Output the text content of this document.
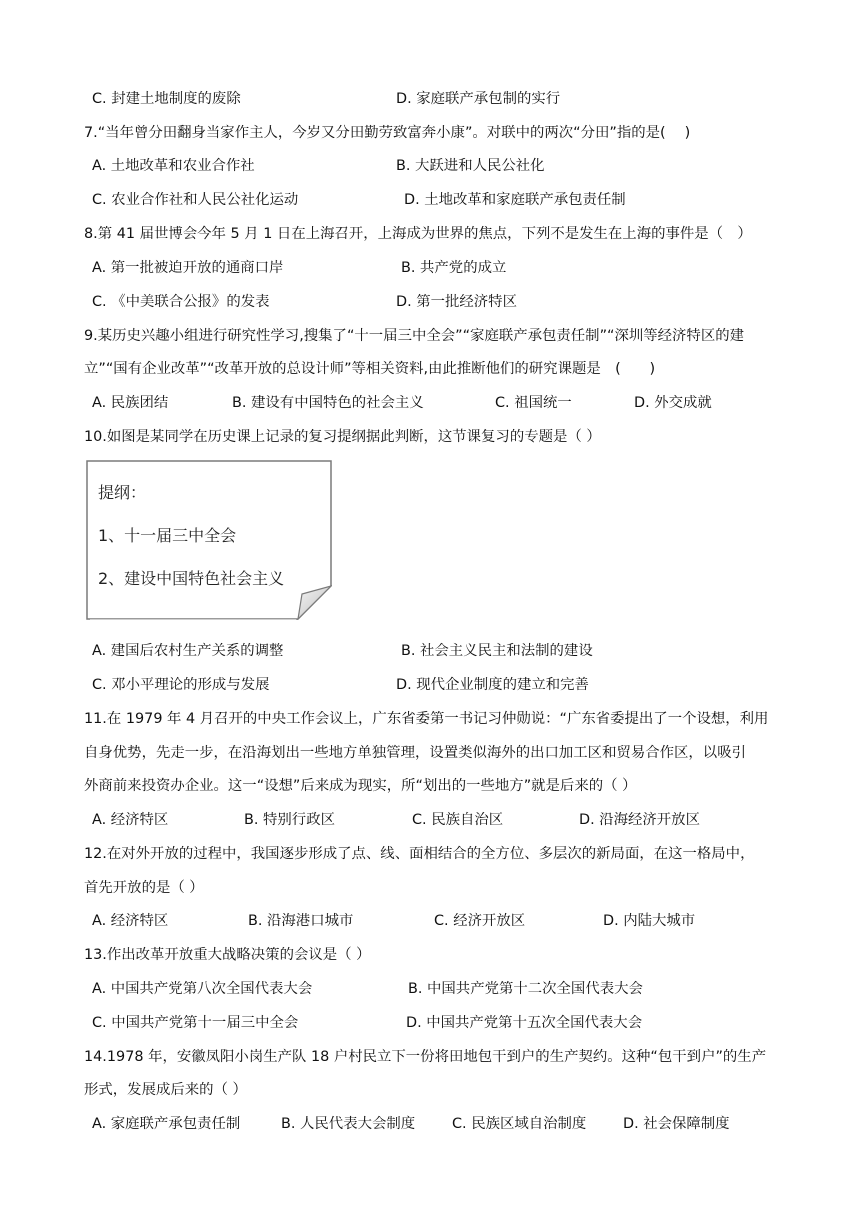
C. 封建土地制度的废除	D. 家庭联产承包制的实行
7.“当年曾分田翻身当家作主人，今岁又分田勤劳致富奔小康”。对联中的两次“分田”指的是(　 )
A. 土地改革和农业合作社	B. 大跃进和人民公社化
C. 农业合作社和人民公社化运动	D. 土地改革和家庭联产承包责任制
8.第 41 届世博会今年 5 月 1 日在上海召开，上海成为世界的焦点，下列不是发生在上海的事件是（　）
A. 第一批被迫开放的通商口岸	B. 共产党的成立
C. 《中美联合公报》的发表	D. 第一批经济特区
9.某历史兴趣小组进行研究性学习,搜集了“十一届三中全会”“家庭联产承包责任制”“深圳等经济特区的建
立”“国有企业改革”“改革开放的总设计师”等相关资料,由此推断他们的研究课题是　(　　)
A. 民族团结	B. 建设有中国特色的社会主义	C. 祖国统一	D. 外交成就
10.如图是某同学在历史课上记录的复习提纲据此判断，这节课复习的专题是（ ）
提纲：
1、十一届三中全会
2、建设中国特色社会主义
A. 建国后农村生产关系的调整	B. 社会主义民主和法制的建设
C. 邓小平理论的形成与发展	D. 现代企业制度的建立和完善
11.在 1979 年 4 月召开的中央工作会议上，广东省委第一书记习仲勋说：“广东省委提出了一个设想，利用
自身优势，先走一步，在沿海划出一些地方单独管理，设置类似海外的出口加工区和贸易合作区，以吸引
外商前来投资办企业。这一“设想”后来成为现实，所“划出的一些地方”就是后来的（ ）
A. 经济特区	B. 特别行政区	C. 民族自治区	D. 沿海经济开放区
12.在对外开放的过程中，我国逐步形成了点、线、面相结合的全方位、多层次的新局面，在这一格局中，
首先开放的是（ ）
A. 经济特区	B. 沿海港口城市	C. 经济开放区	D. 内陆大城市
13.作出改革开放重大战略决策的会议是（ ）
A. 中国共产党第八次全国代表大会	B. 中国共产党第十二次全国代表大会
C. 中国共产党第十一届三中全会	D. 中国共产党第十五次全国代表大会
14.1978 年，安徽凤阳小岗生产队 18 户村民立下一份将田地包干到户的生产契约。这种“包干到户”的生产
形式，发展成后来的（ ）
A. 家庭联产承包责任制	B. 人民代表大会制度	C. 民族区域自治制度	D. 社会保障制度
